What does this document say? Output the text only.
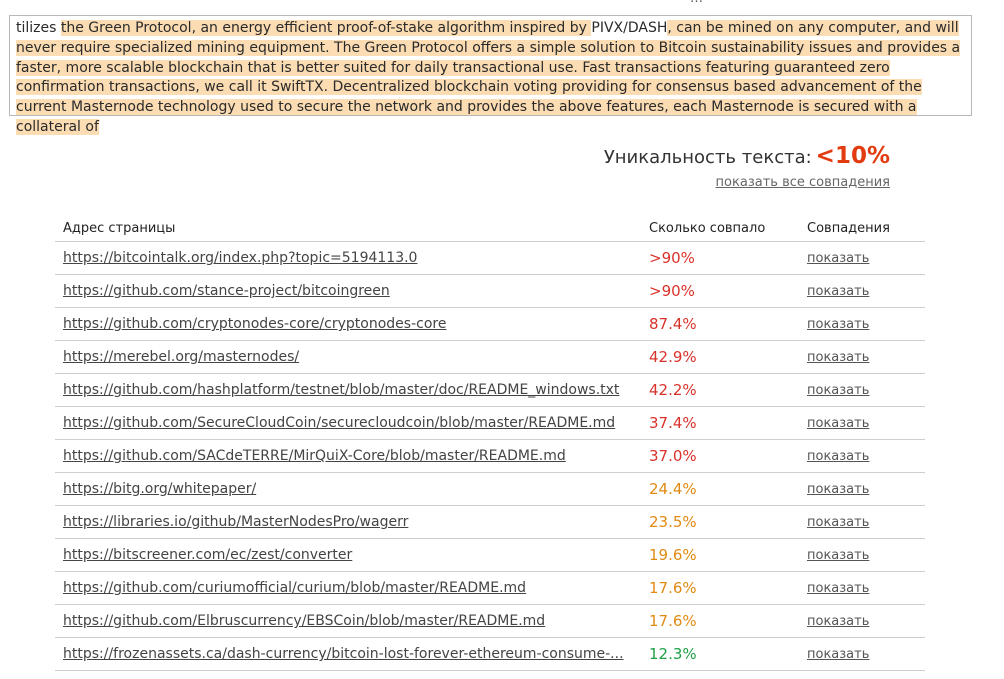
tilizes the Green Protocol, an energy efficient proof-of-stake algorithm inspired by PIVX/DASH, can be mined on any computer, and will never require specialized mining equipment. The Green Protocol offers a simple solution to Bitcoin sustainability issues and provides a faster, more scalable blockchain that is better suited for daily transactional use. Fast transactions featuring guaranteed zero confirmation transactions, we call it SwiftTX. Decentralized blockchain voting providing for consensus based advancement of the current Masternode technology used to secure the network and provides the above features, each Masternode is secured with a collateral of
Уникальность текста: <10%
показать все совпадения
Адрес страницы	Сколько совпало	Совпадения
https://bitcointalk.org/index.php?topic=5194113.0	>90%	показать
https://github.com/stance-project/bitcoingreen	>90%	показать
https://github.com/cryptonodes-core/cryptonodes-core	87.4%	показать
https://merebel.org/masternodes/	42.9%	показать
https://github.com/hashplatform/testnet/blob/master/doc/README_windows.txt	42.2%	показать
https://github.com/SecureCloudCoin/securecloudcoin/blob/master/README.md	37.4%	показать
https://github.com/SACdeTERRE/MirQuiX-Core/blob/master/README.md	37.0%	показать
https://bitg.org/whitepaper/	24.4%	показать
https://libraries.io/github/MasterNodesPro/wagerr	23.5%	показать
https://bitscreener.com/ec/zest/converter	19.6%	показать
https://github.com/curiumofficial/curium/blob/master/README.md	17.6%	показать
https://github.com/Elbruscurrency/EBSCoin/blob/master/README.md	17.6%	показать
https://frozenassets.ca/dash-currency/bitcoin-lost-forever-ethereum-consume-...	12.3%	показать
